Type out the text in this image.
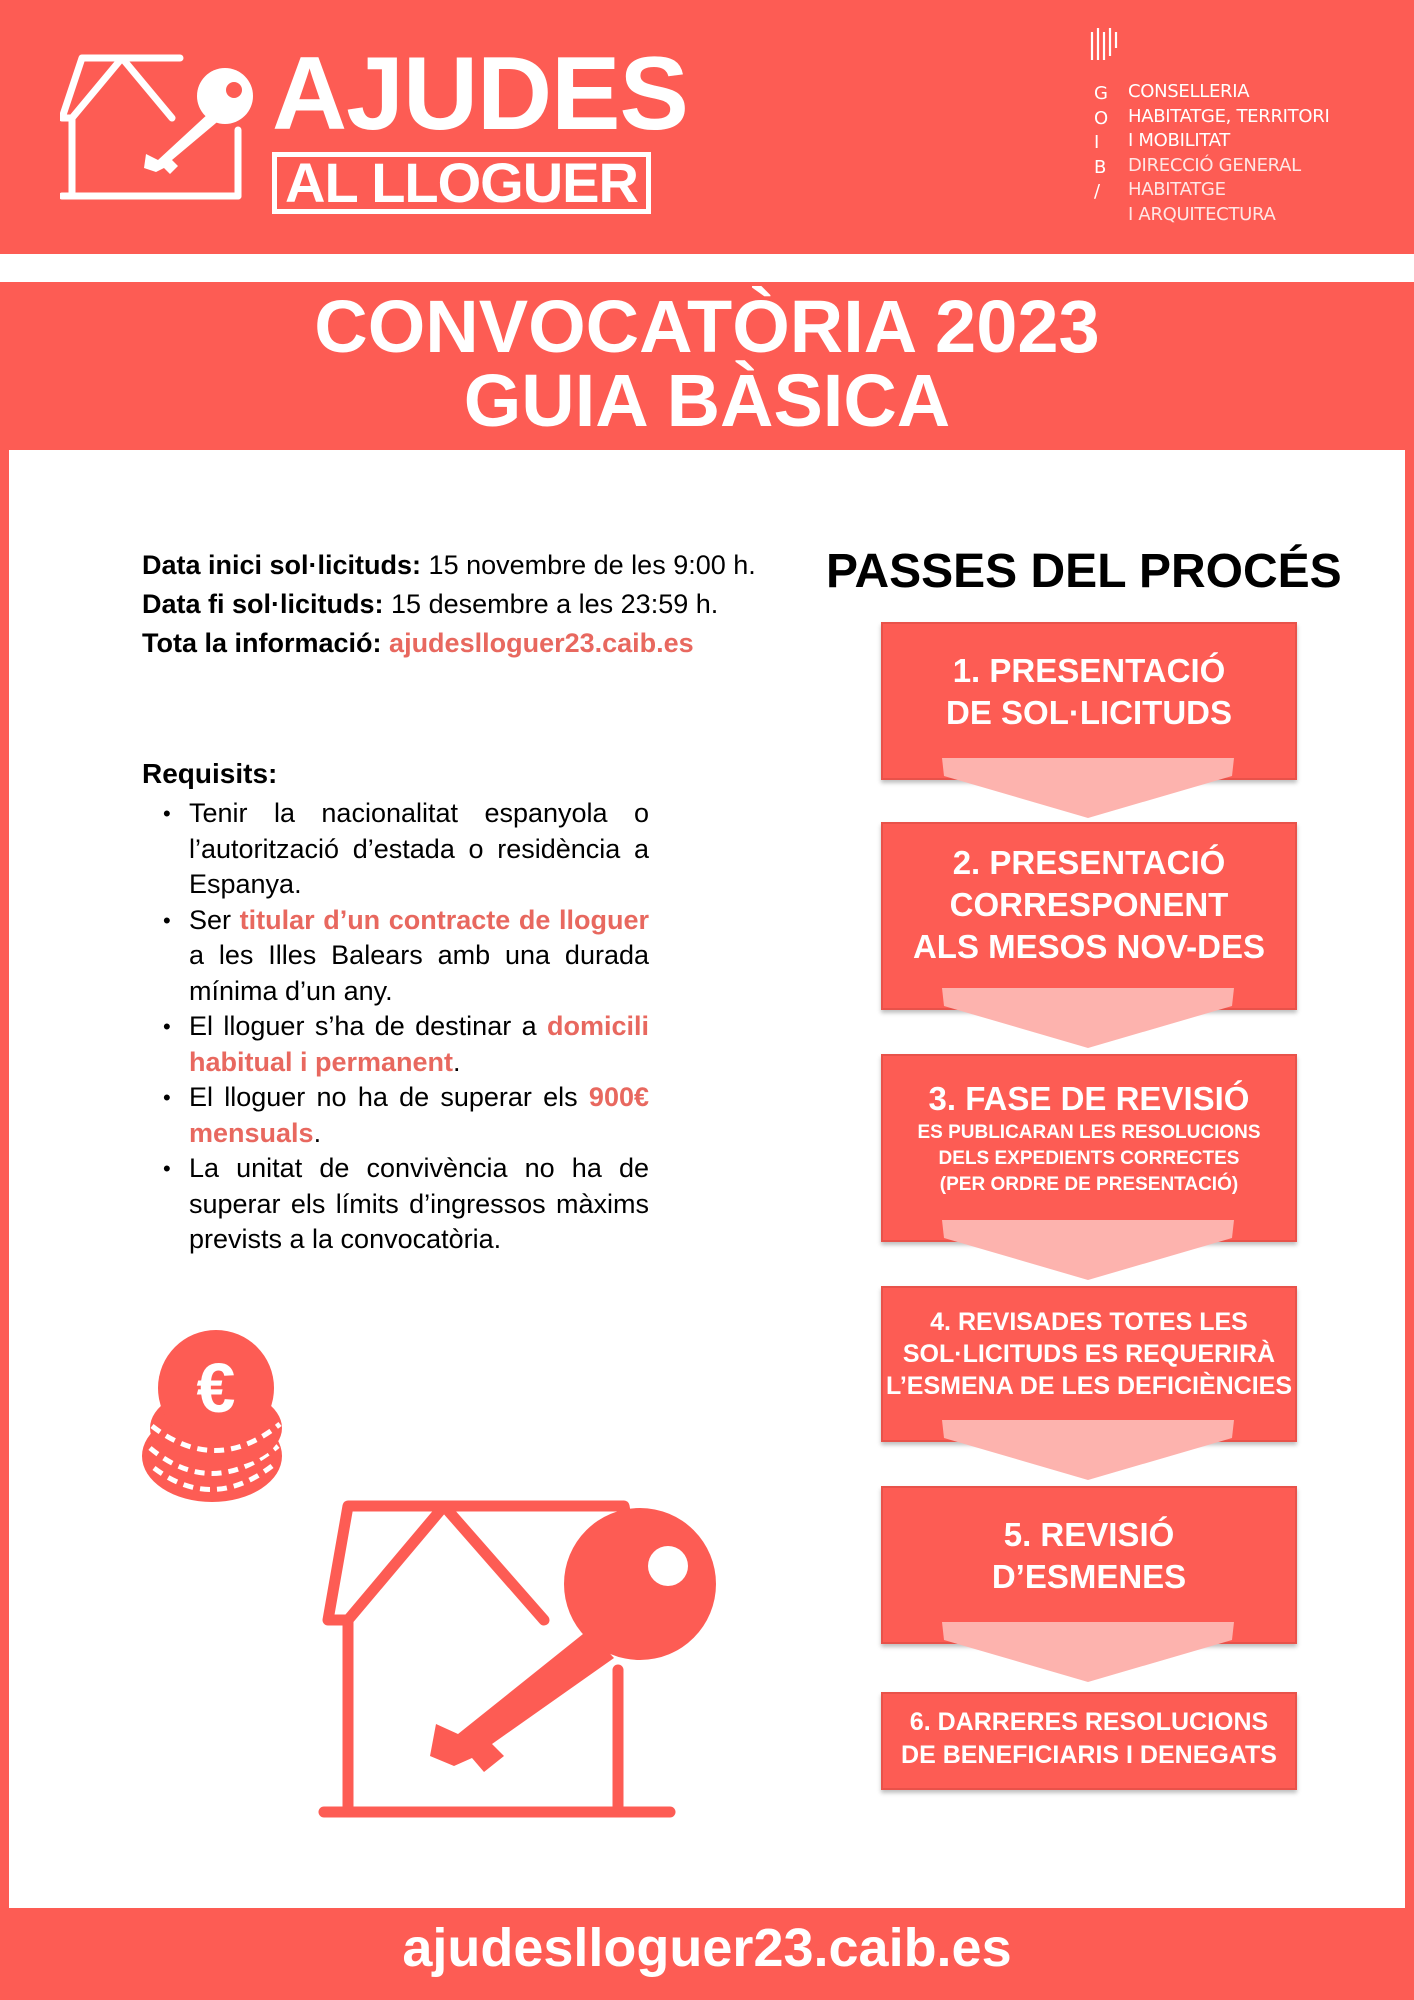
AJUDES
AL LLOGUER
G
O
I
B
/
CONSELLERIA
HABITATGE, TERRITORI
I MOBILITAT
DIRECCIÓ GENERAL
HABITATGE
I ARQUITECTURA
CONVOCATÒRIA 2023
GUIA BÀSICA
Data inici sol·licituds: 15 novembre de les 9:00 h.
Data fi sol·licituds: 15 desembre a les 23:59 h.
Tota la informació: ajudeslloguer23.caib.es
Requisits:
• Tenir la nacionalitat espanyola o l’autorització d’estada o residència a Espanya.
• Ser titular d’un contracte de lloguer a les Illes Balears amb una durada mínima d’un any.
• El lloguer s’ha de destinar a domicili habitual i permanent.
• El lloguer no ha de superar els 900€ mensuals.
• La unitat de convivència no ha de superar els límits d’ingressos màxims prevists a la convocatòria.
€
PASSES DEL PROCÉS
1. PRESENTACIÓ
DE SOL·LICITUDS
2. PRESENTACIÓ
CORRESPONENT
ALS MESOS NOV-DES
3. FASE DE REVISIÓ
ES PUBLICARAN LES RESOLUCIONS
DELS EXPEDIENTS CORRECTES
(PER ORDRE DE PRESENTACIÓ)
4. REVISADES TOTES LES
SOL·LICITUDS ES REQUERIRÀ
L’ESMENA DE LES DEFICIÈNCIES
5. REVISIÓ
D’ESMENES
6. DARRERES RESOLUCIONS
DE BENEFICIARIS I DENEGATS
ajudeslloguer23.caib.es
